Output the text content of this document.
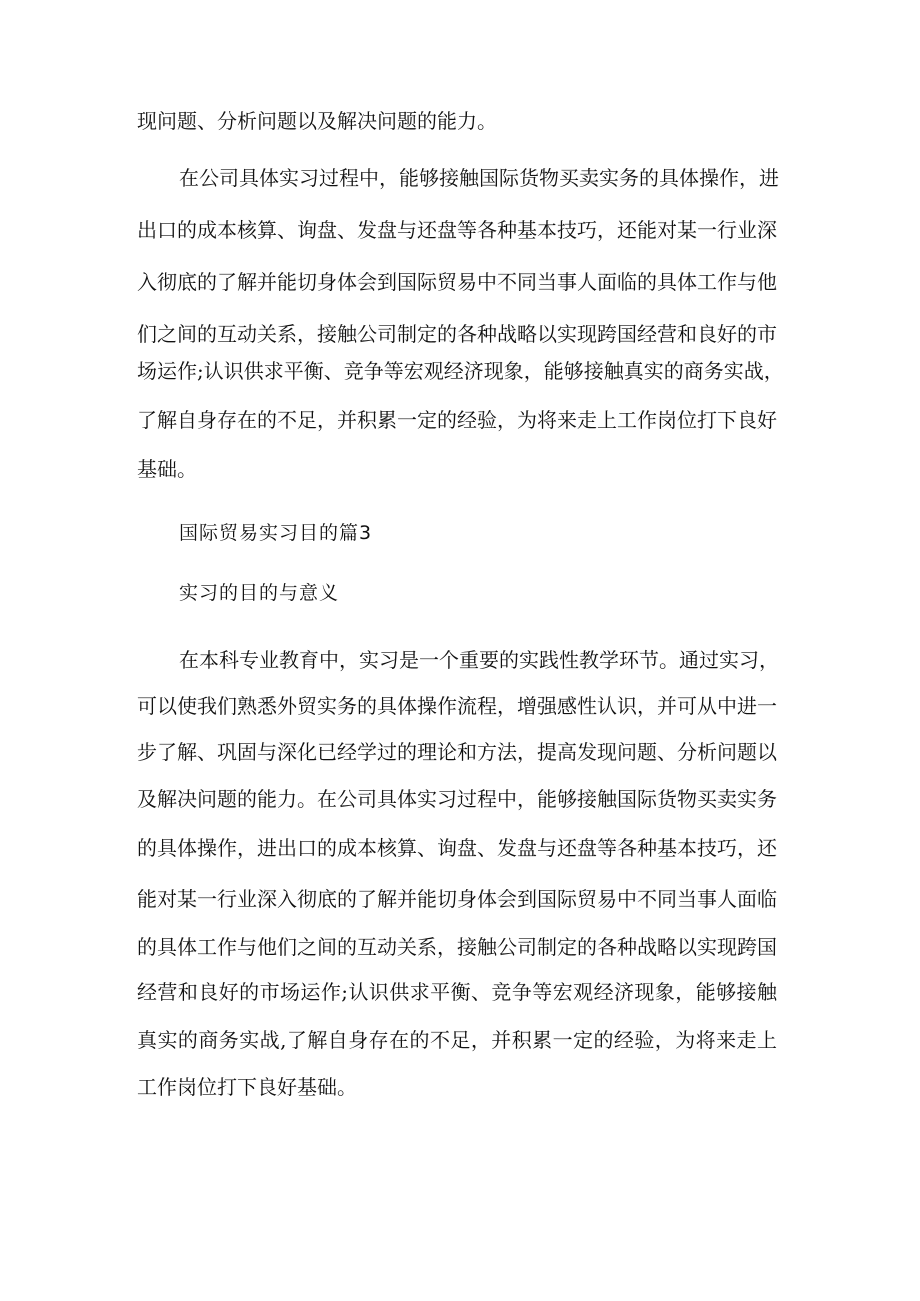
现问题、分析问题以及解决问题的能力。
在公司具体实习过程中，能够接触国际货物买卖实务的具体操作，进
出口的成本核算、询盘、发盘与还盘等各种基本技巧，还能对某一行业深
入彻底的了解并能切身体会到国际贸易中不同当事人面临的具体工作与他
们之间的互动关系，接触公司制定的各种战略以实现跨国经营和良好的市
场运作;认识供求平衡、竞争等宏观经济现象，能够接触真实的商务实战，
了解自身存在的不足，并积累一定的经验，为将来走上工作岗位打下良好
基础。
国际贸易实习目的篇3
实习的目的与意义
在本科专业教育中，实习是一个重要的实践性教学环节。通过实习，
可以使我们熟悉外贸实务的具体操作流程，增强感性认识，并可从中进一
步了解、巩固与深化已经学过的理论和方法，提高发现问题、分析问题以
及解决问题的能力。在公司具体实习过程中，能够接触国际货物买卖实务
的具体操作，进出口的成本核算、询盘、发盘与还盘等各种基本技巧，还
能对某一行业深入彻底的了解并能切身体会到国际贸易中不同当事人面临
的具体工作与他们之间的互动关系，接触公司制定的各种战略以实现跨国
经营和良好的市场运作;认识供求平衡、竞争等宏观经济现象，能够接触
真实的商务实战,了解自身存在的不足，并积累一定的经验，为将来走上
工作岗位打下良好基础。
